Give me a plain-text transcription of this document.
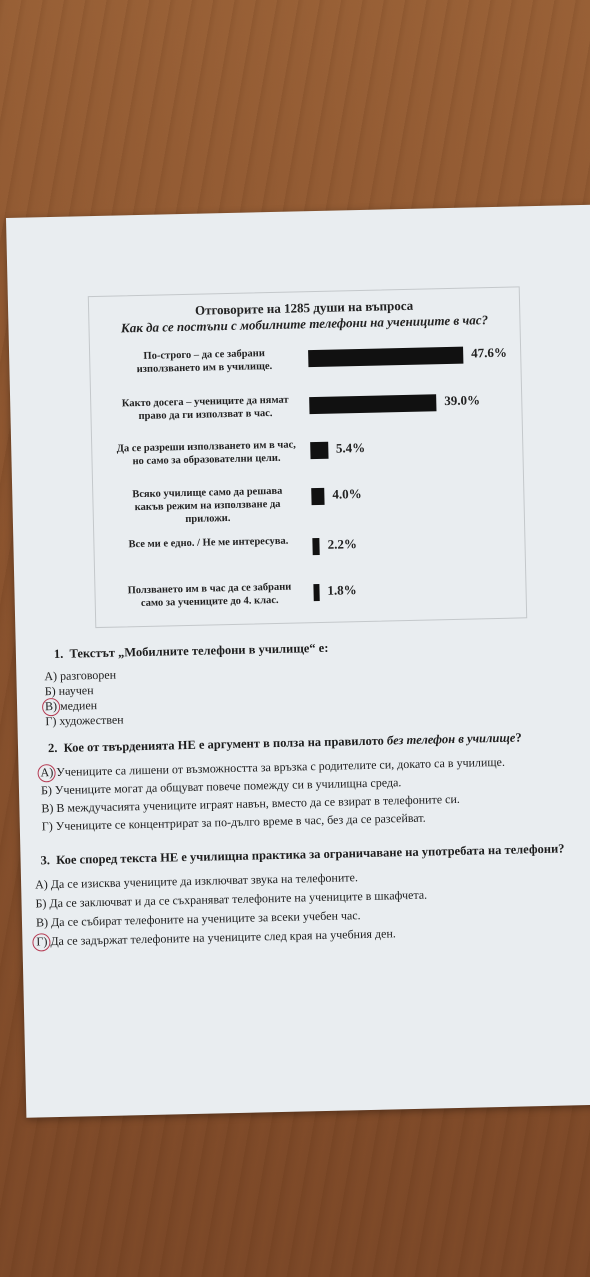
Отговорите на 1285 души на въпроса
Как да се постъпи с мобилните телефони на учениците в час?
По-строго – да се забрани използването им в училище.
47.6%
Както досега – учениците да нямат право да ги използват в час.
39.0%
Да се разреши използването им в час, но само за образователни цели.
5.4%
Всяко училище само да решава какъв режим на използване да приложи.
4.0%
Все ми е едно. / Не ме интересува.	2.2%
Ползването им в час да се забрани само за учениците до 4. клас.
1.8%
1. Текстът „Мобилните телефони в училище“ е:
А) разговорен
Б) научен
В) медиен
Г) художествен
2. Кое от твърденията НЕ е аргумент в полза на правилото без телефон в училище?
А) Учениците са лишени от възможността за връзка с родителите си, докато са в училище.
Б) Учениците могат да общуват повече помежду си в училищна среда.
В) В междучасията учениците играят навън, вместо да се взират в телефоните си.
Г) Учениците се концентрират за по-дълго време в час, без да се разсейват.
3. Кое според текста НЕ е училищна практика за ограничаване на употребата на телефони?
А) Да се изисква учениците да изключват звука на телефоните.
Б) Да се заключват и да се съхраняват телефоните на учениците в шкафчета.
В) Да се събират телефоните на учениците за всеки учебен час.
Г) Да се задържат телефоните на учениците след края на учебния ден.
